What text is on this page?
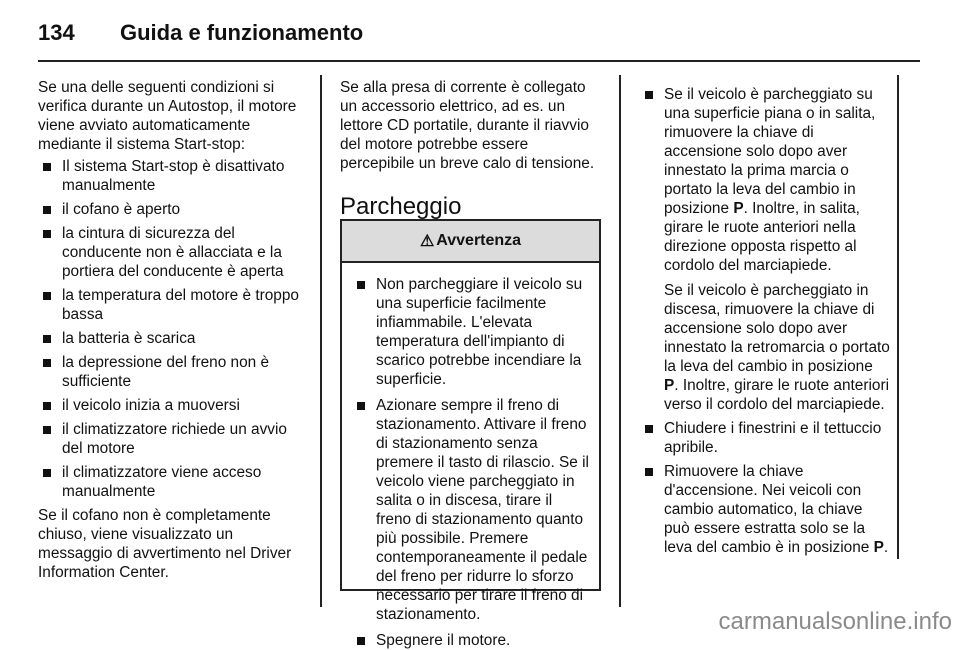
134 Guida e funzionamento

Se una delle seguenti condizioni si verifica durante un Autostop, il motore viene avviato automaticamente mediante il sistema Start-stop:

Il sistema Start-stop è disattivato manualmente
il cofano è aperto
la cintura di sicurezza del conducente non è allacciata e la portiera del conducente è aperta
la temperatura del motore è troppo bassa
la batteria è scarica
la depressione del freno non è sufficiente
il veicolo inizia a muoversi
il climatizzatore richiede un avvio del motore
il climatizzatore viene acceso manualmente

Se il cofano non è completamente chiuso, viene visualizzato un messaggio di avvertimento nel Driver Information Center.

Se alla presa di corrente è collegato un accessorio elettrico, ad es. un lettore CD portatile, durante il riavvio del motore potrebbe essere percepibile un breve calo di tensione.

Parcheggio
⚠ Avvertenza
Non parcheggiare il veicolo su una superficie facilmente infiammabile. L'elevata temperatura dell'impianto di scarico potrebbe incendiare la superficie.
Azionare sempre il freno di stazionamento. Attivare il freno di stazionamento senza premere il tasto di rilascio. Se il veicolo viene parcheggiato in salita o in discesa, tirare il freno di stazionamento quanto più possibile. Premere contemporaneamente il pedale del freno per ridurre lo sforzo necessario per tirare il freno di stazionamento.
Spegnere il motore.

Se il veicolo è parcheggiato su una superficie piana o in salita, rimuovere la chiave di accensione solo dopo aver innestato la prima marcia o portato la leva del cambio in posizione P. Inoltre, in salita, girare le ruote anteriori nella direzione opposta rispetto al cordolo del marciapiede.

Se il veicolo è parcheggiato in discesa, rimuovere la chiave di accensione solo dopo aver innestato la retromarcia o portato la leva del cambio in posizione P. Inoltre, girare le ruote anteriori verso il cordolo del marciapiede.

Chiudere i finestrini e il tettuccio apribile.
Rimuovere la chiave d'accensione. Nei veicoli con cambio automatico, la chiave può essere estratta solo se la leva del cambio è in posizione P.
carmanualsonline.info
